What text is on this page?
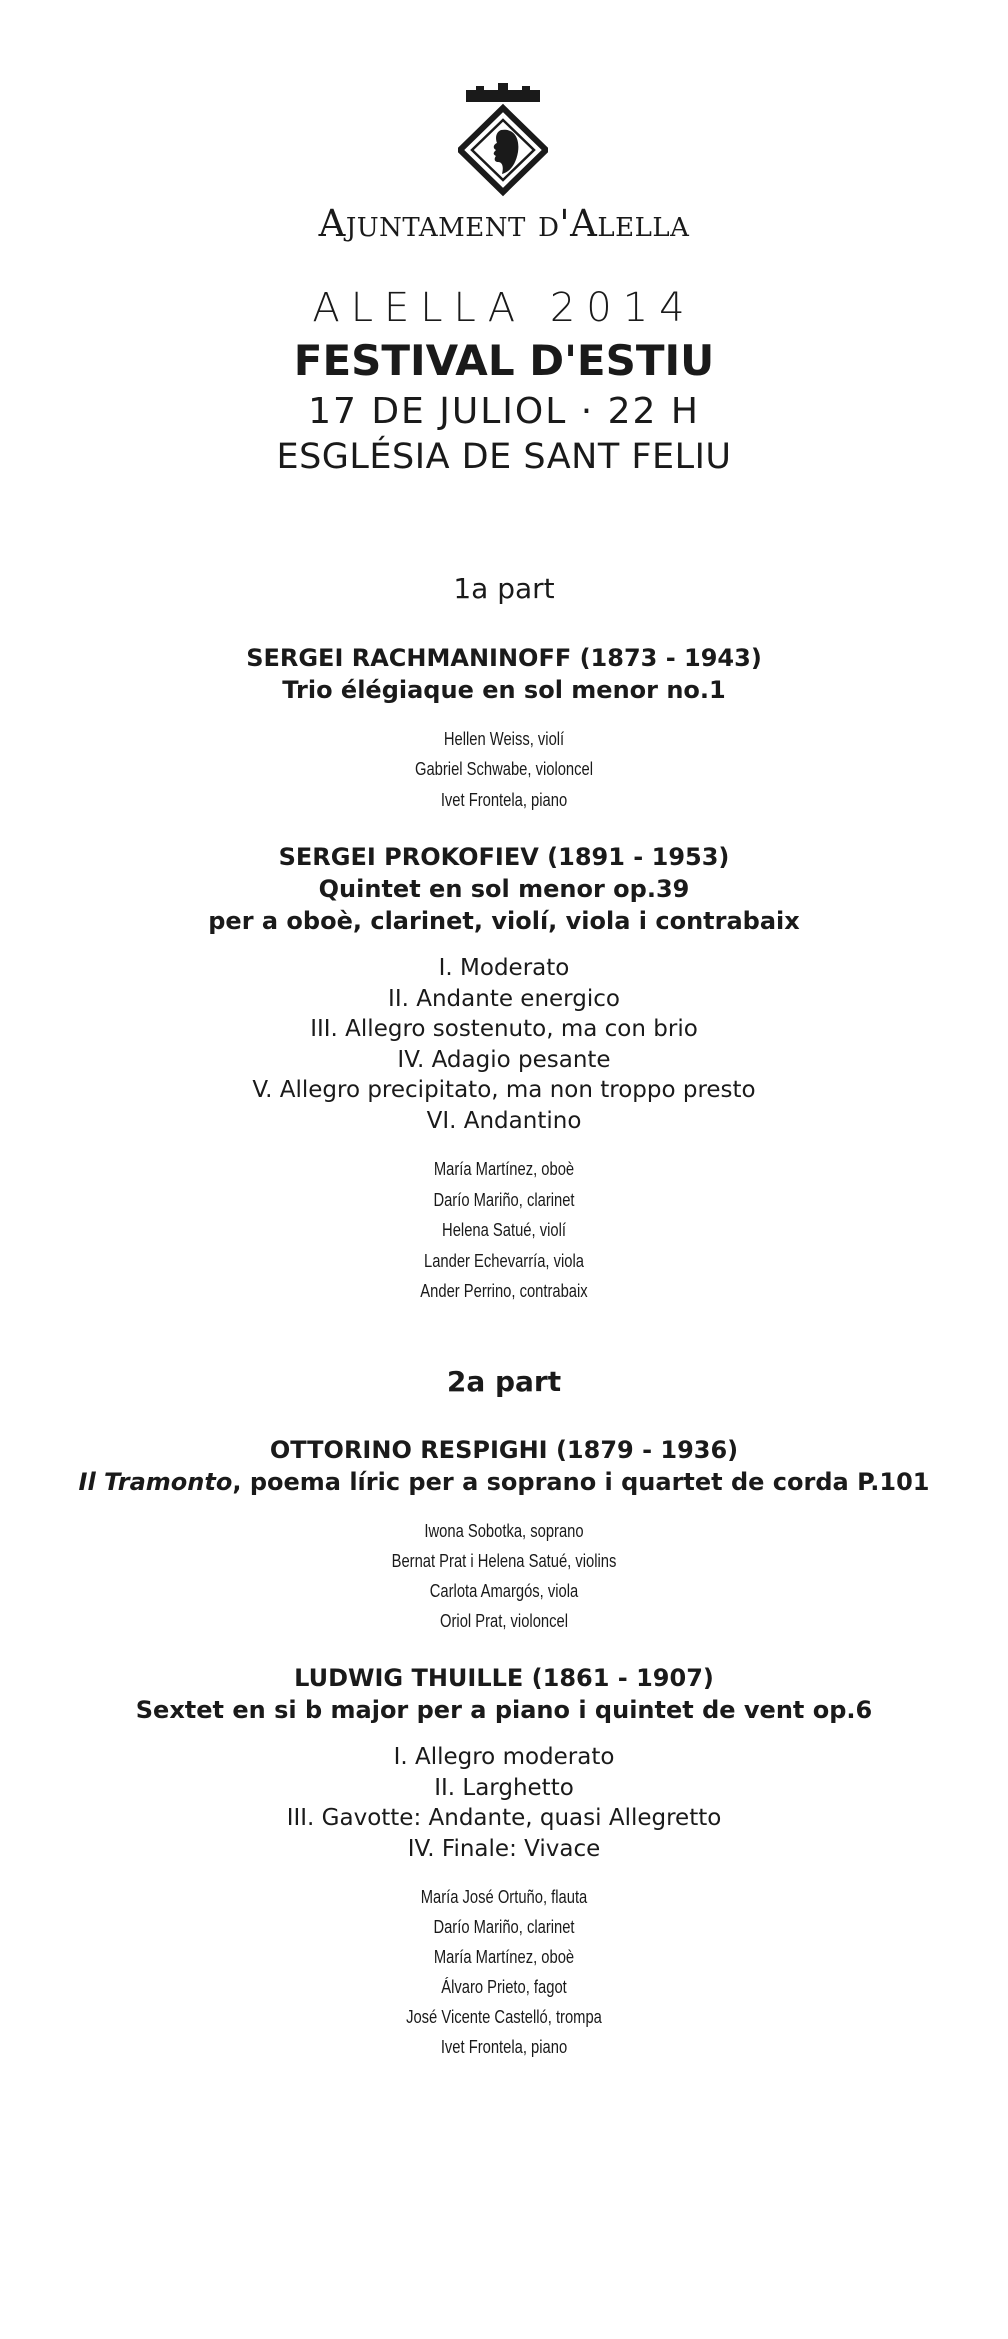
Ajuntament d'Alella
ALELLA 2014
FESTIVAL D'ESTIU
17 DE JULIOL · 22 H
ESGLÉSIA DE SANT FELIU
1a part
SERGEI RACHMANINOFF (1873 - 1943)
Trio élégiaque en sol menor no.1
Hellen Weiss, violí
Gabriel Schwabe, violoncel
Ivet Frontela, piano
SERGEI PROKOFIEV (1891 - 1953)
Quintet en sol menor op.39
per a oboè, clarinet, violí, viola i contrabaix
I. Moderato
II. Andante energico
III. Allegro sostenuto, ma con brio
IV. Adagio pesante
V. Allegro precipitato, ma non troppo presto
VI. Andantino
María Martínez, oboè
Darío Mariño, clarinet
Helena Satué, violí
Lander Echevarría, viola
Ander Perrino, contrabaix
2a part
OTTORINO RESPIGHI (1879 - 1936)
Il Tramonto, poema líric per a soprano i quartet de corda P.101
Iwona Sobotka, soprano
Bernat Prat i Helena Satué, violins
Carlota Amargós, viola
Oriol Prat, violoncel
LUDWIG THUILLE (1861 - 1907)
Sextet en si b major per a piano i quintet de vent op.6
I. Allegro moderato
II. Larghetto
III. Gavotte: Andante, quasi Allegretto
IV. Finale: Vivace
María José Ortuño, flauta
Darío Mariño, clarinet
María Martínez, oboè
Álvaro Prieto, fagot
José Vicente Castelló, trompa
Ivet Frontela, piano
